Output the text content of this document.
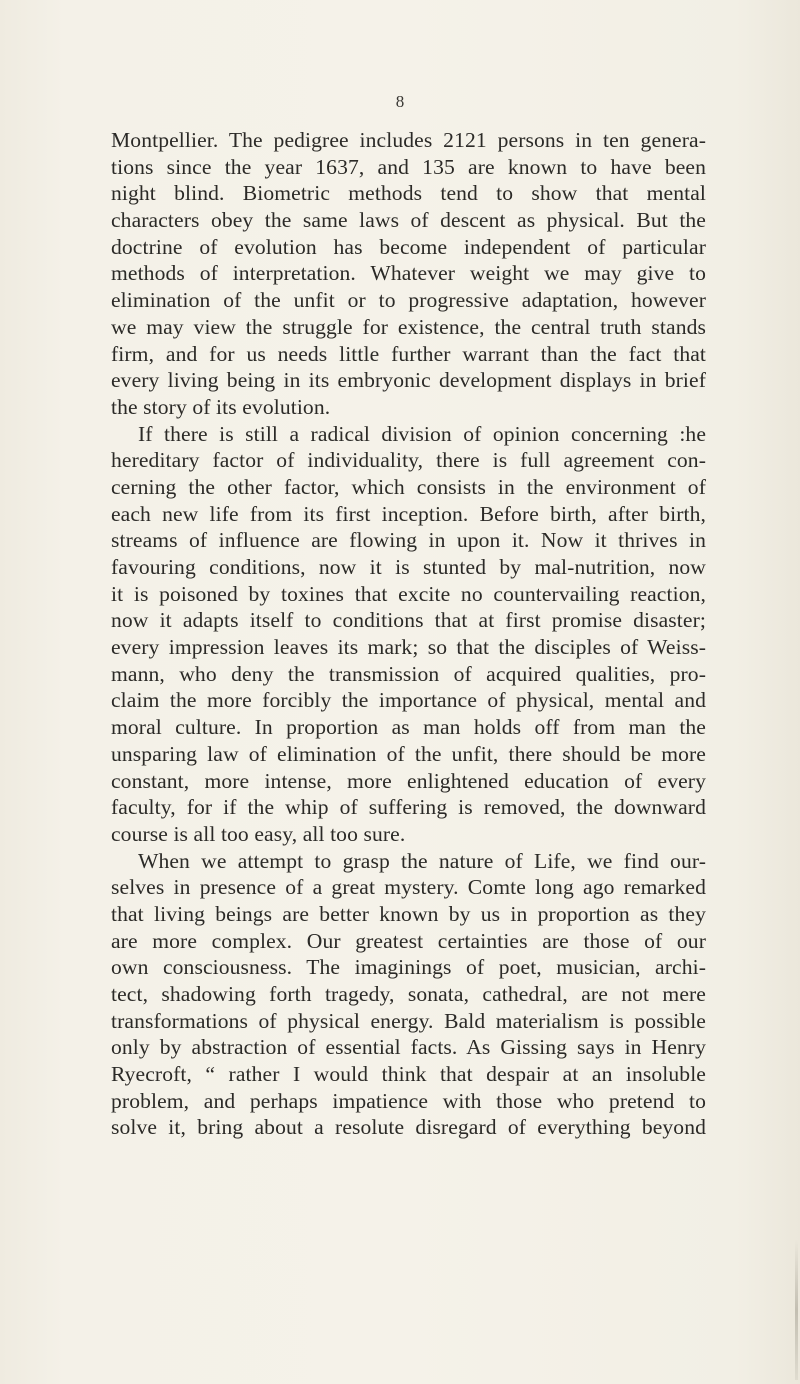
8
Montpellier. The pedigree includes 2121 persons in ten genera-
tions since the year 1637, and 135 are known to have been
night blind. Biometric methods tend to show that mental
characters obey the same laws of descent as physical. But the
doctrine of evolution has become independent of particular
methods of interpretation. Whatever weight we may give to
elimination of the unfit or to progressive adaptation, however
we may view the struggle for existence, the central truth stands
firm, and for us needs little further warrant than the fact that
every living being in its embryonic development displays in brief
the story of its evolution.
If there is still a radical division of opinion concerning :he
hereditary factor of individuality, there is full agreement con-
cerning the other factor, which consists in the environment of
each new life from its first inception. Before birth, after birth,
streams of influence are flowing in upon it. Now it thrives in
favouring conditions, now it is stunted by mal-nutrition, now
it is poisoned by toxines that excite no countervailing reaction,
now it adapts itself to conditions that at first promise disaster;
every impression leaves its mark; so that the disciples of Weiss-
mann, who deny the transmission of acquired qualities, pro-
claim the more forcibly the importance of physical, mental and
moral culture. In proportion as man holds off from man the
unsparing law of elimination of the unfit, there should be more
constant, more intense, more enlightened education of every
faculty, for if the whip of suffering is removed, the downward
course is all too easy, all too sure.
When we attempt to grasp the nature of Life, we find our-
selves in presence of a great mystery. Comte long ago remarked
that living beings are better known by us in proportion as they
are more complex. Our greatest certainties are those of our
own consciousness. The imaginings of poet, musician, archi-
tect, shadowing forth tragedy, sonata, cathedral, are not mere
transformations of physical energy. Bald materialism is possible
only by abstraction of essential facts. As Gissing says in Henry
Ryecroft, “ rather I would think that despair at an insoluble
problem, and perhaps impatience with those who pretend to
solve it, bring about a resolute disregard of everything beyond
